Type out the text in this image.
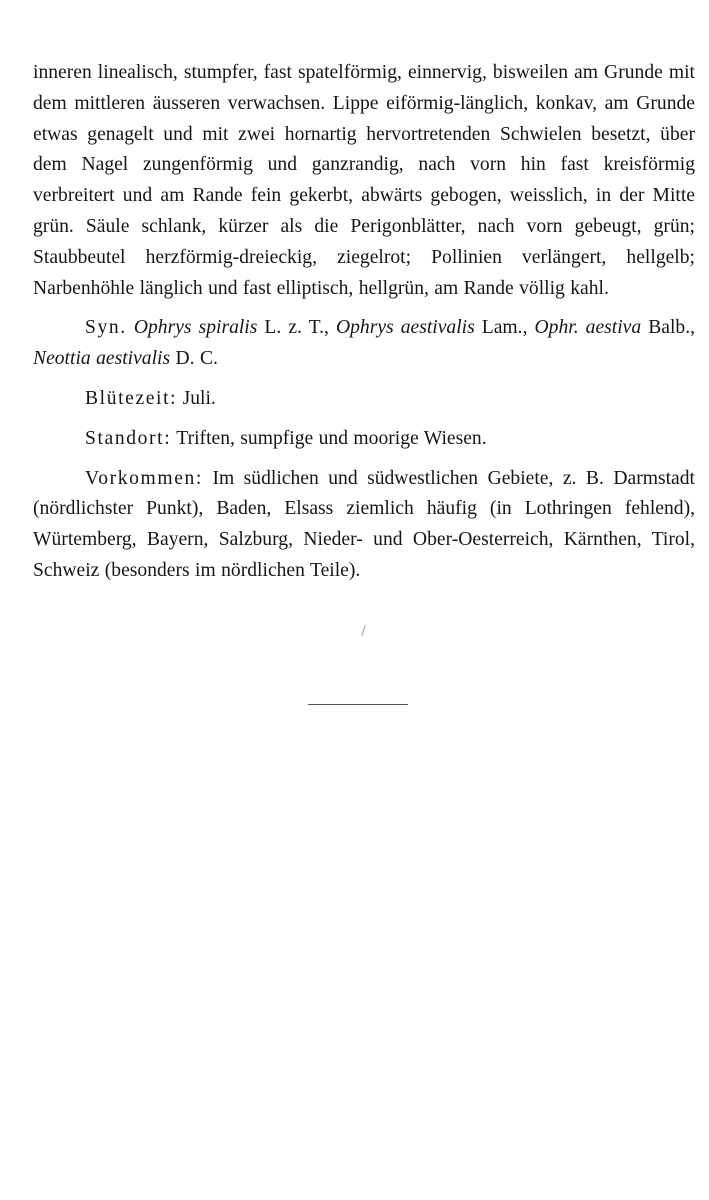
inneren linealisch, stumpfer, fast spatelförmig, einnervig, bisweilen am Grunde mit dem mittleren äusseren verwachsen. Lippe eiförmig-länglich, konkav, am Grunde etwas genagelt und mit zwei hornartig hervortretenden Schwielen besetzt, über dem Nagel zungenförmig und ganzrandig, nach vorn hin fast kreisförmig verbreitert und am Rande fein gekerbt, abwärts gebogen, weisslich, in der Mitte grün. Säule schlank, kürzer als die Perigonblätter, nach vorn gebeugt, grün; Staubbeutel herzförmig-dreieckig, ziegelrot; Pollinien verlängert, hellgelb; Narbenhöhle länglich und fast elliptisch, hellgrün, am Rande völlig kahl.

Syn. Ophrys spiralis L. z. T., Ophrys aestivalis Lam., Ophr. aestiva Balb., Neottia aestivalis D. C.

Blütezeit: Juli.

Standort: Triften, sumpfige und moorige Wiesen.

Vorkommen: Im südlichen und südwestlichen Gebiete, z. B. Darmstadt (nördlichster Punkt), Baden, Elsass ziemlich häufig (in Lothringen fehlend), Würtemberg, Bayern, Salzburg, Nieder- und Ober-Oesterreich, Kärnthen, Tirol, Schweiz (besonders im nördlichen Teile).
